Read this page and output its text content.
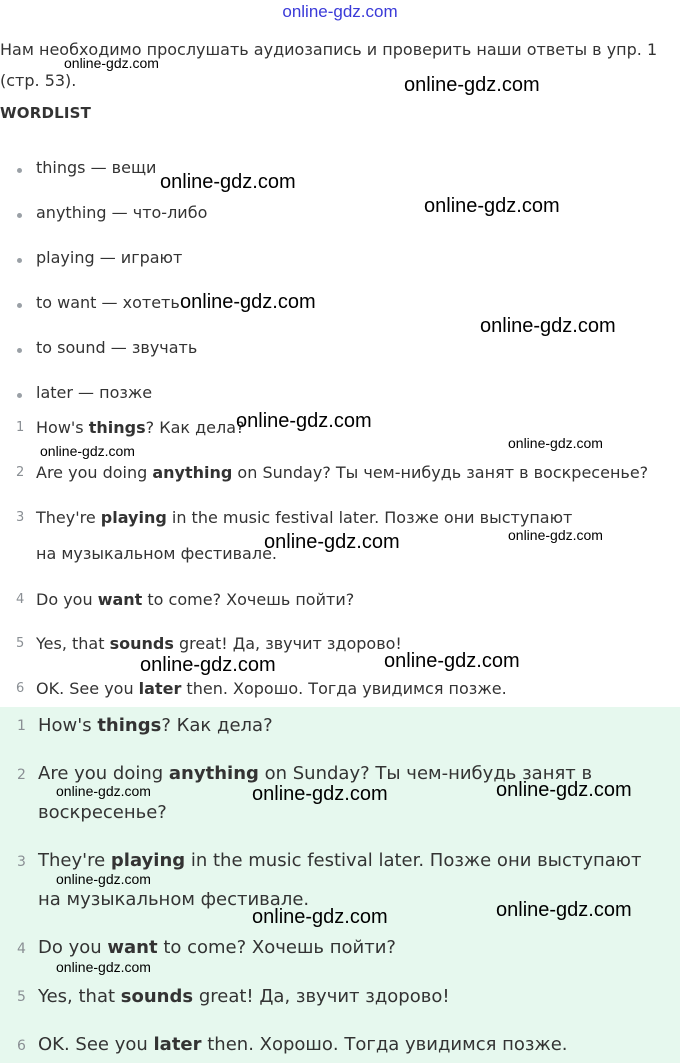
online-gdz.com
Нам необходимо прослушать аудиозапись и проверить наши ответы в упр. 1 (стр. 53).
WORDLIST
things — вещи
anything — что-либо
playing — играют
to want — хотеть
to sound — звучать
later — позже
1 How's things? Как дела?
2 Are you doing anything on Sunday? Ты чем-нибудь занят в воскресенье?
3 They're playing in the music festival later. Позже они выступают на музыкальном фестивале.
4 Do you want to come? Хочешь пойти?
5 Yes, that sounds great! Да, звучит здорово!
6 OK. See you later then. Хорошо. Тогда увидимся позже.
1 How's things? Как дела?
2 Are you doing anything on Sunday? Ты чем-нибудь занят в воскресенье?
3 They're playing in the music festival later. Позже они выступают на музыкальном фестивале.
4 Do you want to come? Хочешь пойти?
5 Yes, that sounds great! Да, звучит здорово!
6 OK. See you later then. Хорошо. Тогда увидимся позже.
online-gdz.com
online-gdz.com
online-gdz.com
online-gdz.com
online-gdz.com
online-gdz.com
online-gdz.com
online-gdz.com	online-gdz.com
online-gdz.com
online-gdz.com
online-gdz.com	online-gdz.com
online-gdz.com	online-gdz.com	online-gdz.com
online-gdz.com
online-gdz.com	online-gdz.com
online-gdz.com
